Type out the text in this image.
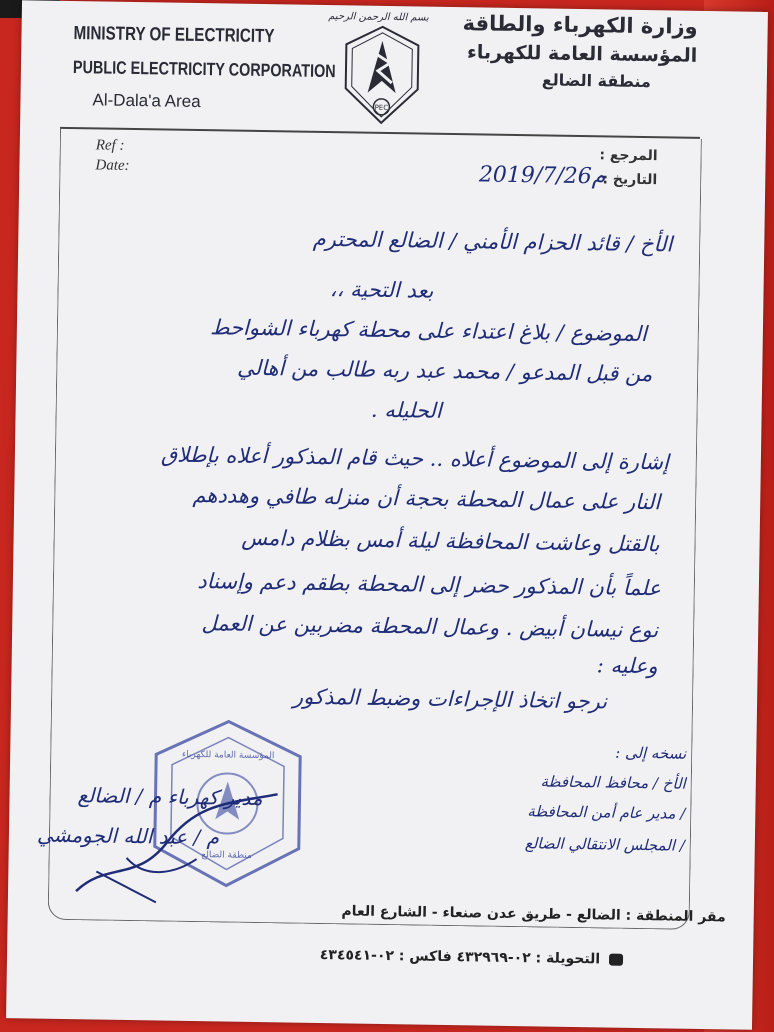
MINISTRY OF ELECTRICITY
PUBLIC ELECTRICITY CORPORATION
Al-Dala'a Area
بسم الله الرحمن الرحيم
PEC
وزارة الكهرباء والطاقة
المؤسسة العامة للكهرباء
منطقة الضالع
Ref :
Date:
المرجع :
التاريخ :
2019/7/26م
الأخ / قائد الحزام الأمني / الضالع المحترم
بعد التحية ،،
الموضوع / بلاغ اعتداء على محطة كهرباء الشواحط
من قبل المدعو / محمد عبد ربه طالب من أهالي
الحليله .
إشارة إلى الموضوع أعلاه .. حيث قام المذكور أعلاه بإطلاق
النار على عمال المحطة بحجة أن منزله طافي وهددهم
بالقتل وعاشت المحافظة ليلة أمس بظلام دامس
علماً بأن المذكور حضر إلى المحطة بطقم دعم وإسناد
نوع نيسان أبيض . وعمال المحطة مضربين عن العمل
وعليه :
نرجو اتخاذ الإجراءات وضبط المذكور
نسخه إلى :
الأخ / محافظ المحافظة
/ مدير عام أمن المحافظة
/ المجلس الانتقالي الضالع
المؤسسة العامة للكهرباء
منطقة الضالع
مدير كهرباء م / الضالع
م / عبد الله الجومشي
مقر المنطقة : الضالع - طريق عدن صنعاء - الشارع العام
التحويلة : ٠٢-٤٣٢٩٦٩ فاكس : ٠٢-٤٣٤٥٤١
